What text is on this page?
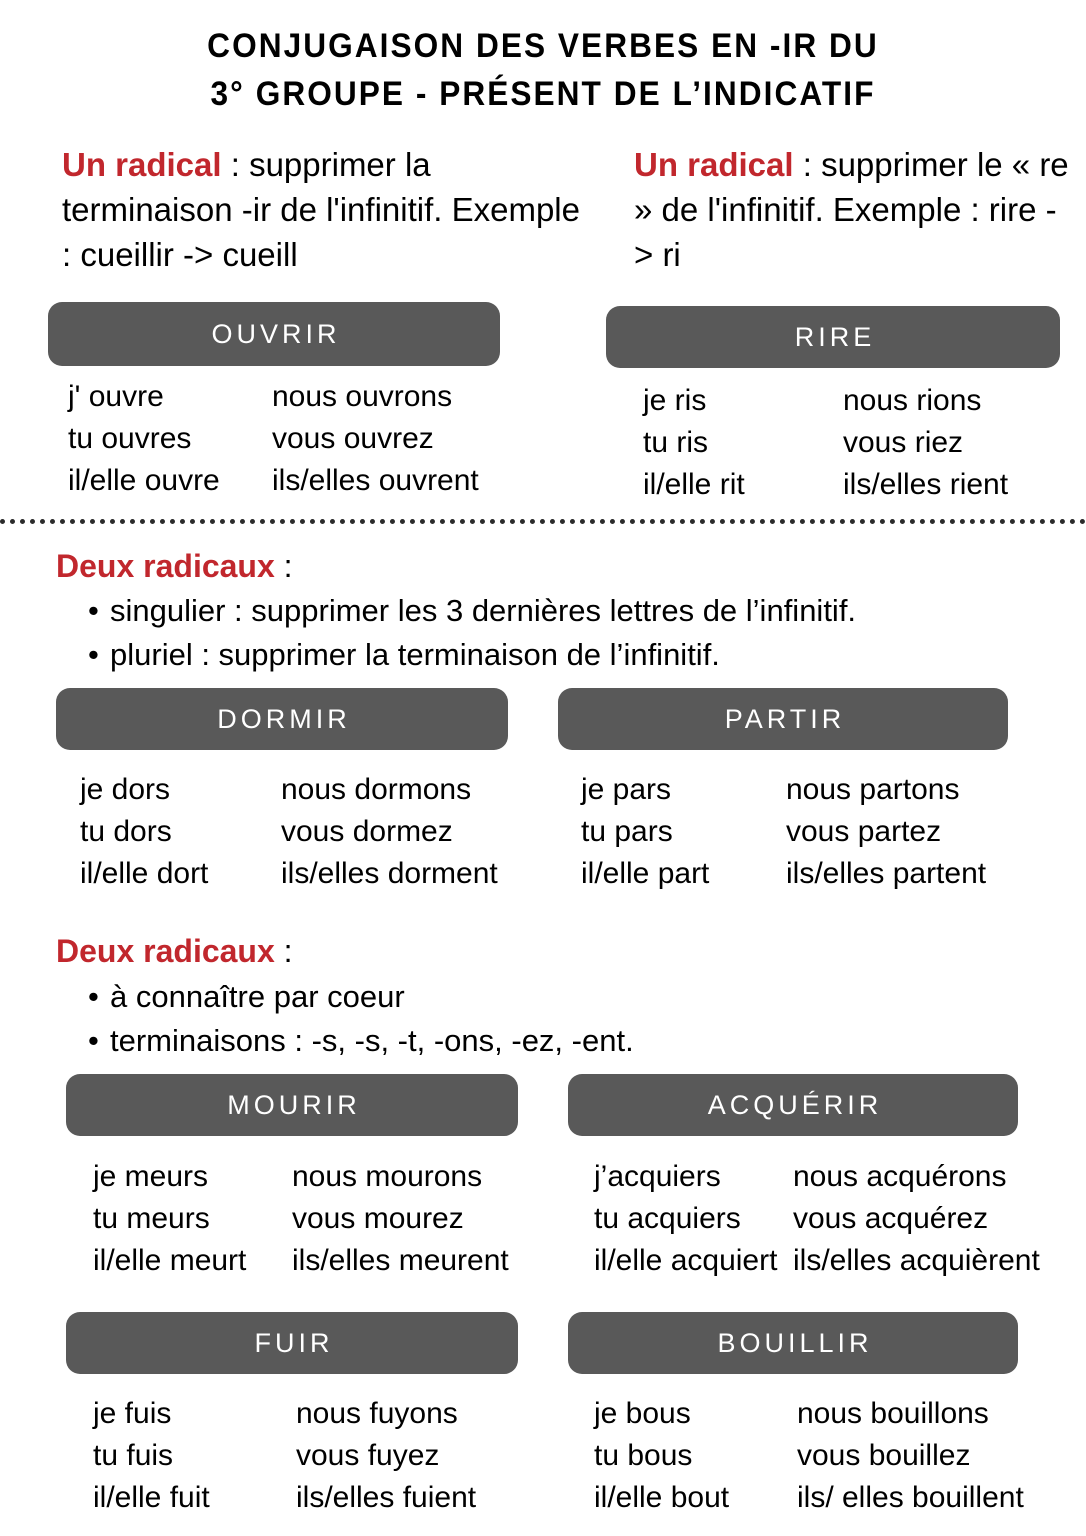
CONJUGAISON DES VERBES EN -IR DU
3° GROUPE - PRÉSENT DE L’INDICATIF
Un radical : supprimer la terminaison -ir de l'infinitif. Exemple : cueillir -> cueill
Un radical : supprimer le « re » de l'infinitif. Exemple : rire -> ri
OUVRIR
j' ouvre	nous ouvrons
tu ouvres	vous ouvrez
il/elle ouvre	ils/elles ouvrent
RIRE
je ris	nous rions
tu ris	vous riez
il/elle rit	ils/elles rient
Deux radicaux :
• singulier : supprimer les 3 dernières lettres de l’infinitif.
• pluriel : supprimer la terminaison de l’infinitif.
DORMIR
je dors	nous dormons
tu dors	vous dormez
il/elle dort	ils/elles dorment
PARTIR
je pars	nous partons
tu pars	vous partez
il/elle part	ils/elles partent
Deux radicaux :
• à connaître par coeur
• terminaisons : -s, -s, -t, -ons, -ez, -ent.
MOURIR
je meurs	nous mourons
tu meurs	vous mourez
il/elle meurt	ils/elles meurent
ACQUÉRIR
j’acquiers	nous acquérons
tu acquiers	vous acquérez
il/elle acquiert ils/elles acquièrent
FUIR
je fuis	nous fuyons
tu fuis	vous fuyez
il/elle fuit	ils/elles fuient
BOUILLIR
je bous	nous bouillons
tu bous	vous bouillez
il/elle bout	ils/ elles bouillent
